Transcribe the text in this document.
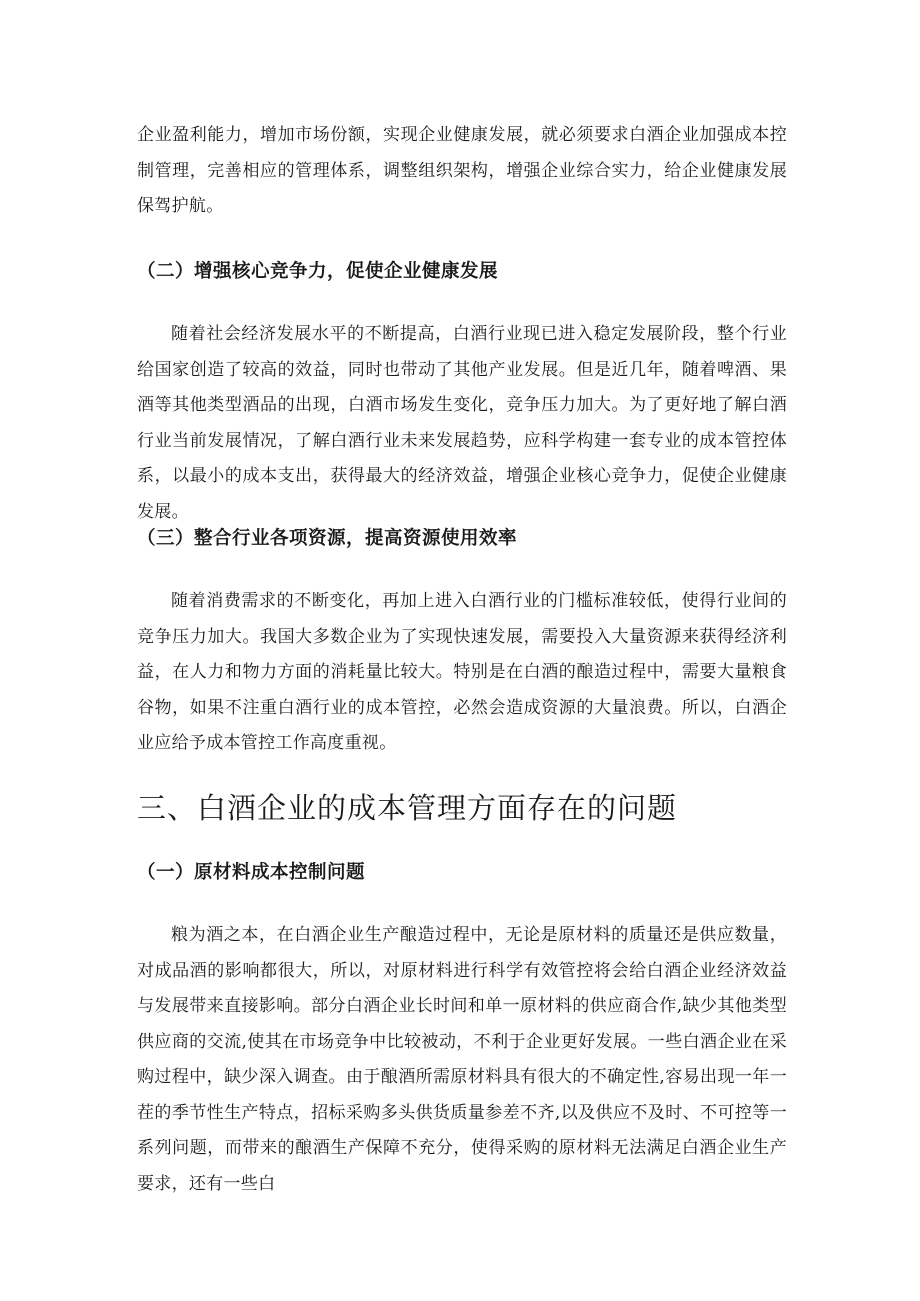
企业盈利能力，增加市场份额，实现企业健康发展，就必须要求白酒企业加强成本控制管理，完善相应的管理体系，调整组织架构，增强企业综合实力，给企业健康发展保驾护航。

（二）增强核心竞争力，促使企业健康发展

随着社会经济发展水平的不断提高，白酒行业现已进入稳定发展阶段，整个行业给国家创造了较高的效益，同时也带动了其他产业发展。但是近几年，随着啤酒、果酒等其他类型酒品的出现，白酒市场发生变化，竞争压力加大。为了更好地了解白酒行业当前发展情况，了解白酒行业未来发展趋势，应科学构建一套专业的成本管控体系，以最小的成本支出，获得最大的经济效益，增强企业核心竞争力，促使企业健康发展。

（三）整合行业各项资源，提高资源使用效率

随着消费需求的不断变化，再加上进入白酒行业的门槛标准较低，使得行业间的竞争压力加大。我国大多数企业为了实现快速发展，需要投入大量资源来获得经济利益，在人力和物力方面的消耗量比较大。特别是在白酒的酿造过程中，需要大量粮食谷物，如果不注重白酒行业的成本管控，必然会造成资源的大量浪费。所以，白酒企业应给予成本管控工作高度重视。

三、白酒企业的成本管理方面存在的问题
（一）原材料成本控制问题

粮为酒之本，在白酒企业生产酿造过程中，无论是原材料的质量还是供应数量，对成品酒的影响都很大，所以，对原材料进行科学有效管控将会给白酒企业经济效益与发展带来直接影响。部分白酒企业长时间和单一原材料的供应商合作,缺少其他类型供应商的交流,使其在市场竞争中比较被动，不利于企业更好发展。一些白酒企业在采购过程中，缺少深入调查。由于酿酒所需原材料具有很大的不确定性,容易出现一年一茬的季节性生产特点，招标采购多头供货质量参差不齐,以及供应不及时、不可控等一系列问题，而带来的酿酒生产保障不充分，使得采购的原材料无法满足白酒企业生产要求，还有一些白
